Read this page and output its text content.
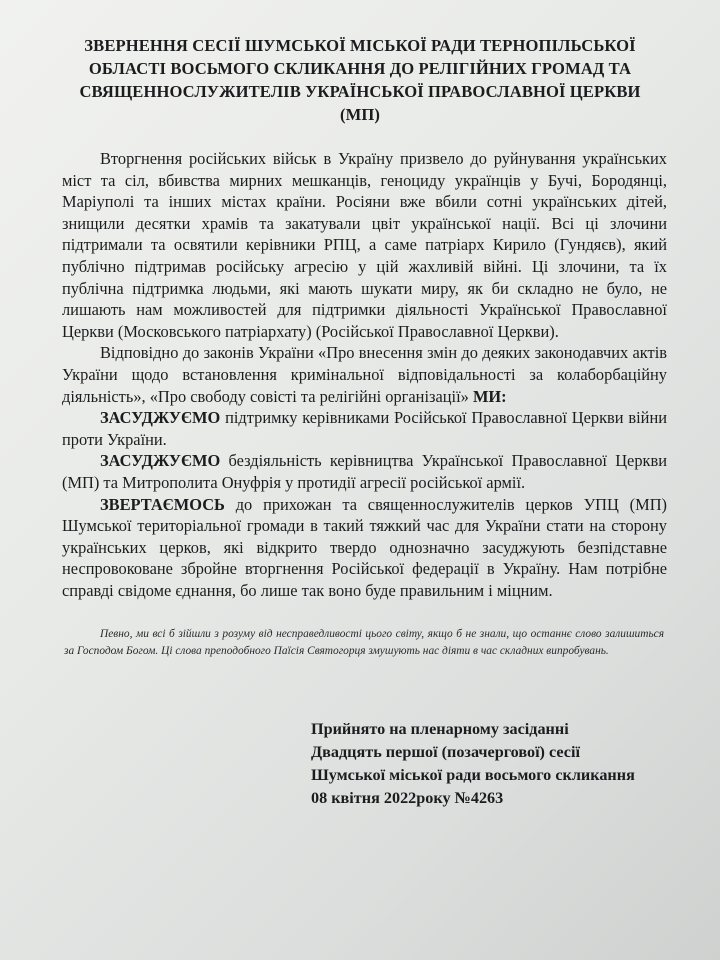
ЗВЕРНЕННЯ СЕСІЇ ШУМСЬКОЇ МІСЬКОЇ РАДИ ТЕРНОПІЛЬСЬКОЇ
ОБЛАСТІ ВОСЬМОГО СКЛИКАННЯ ДО РЕЛІГІЙНИХ ГРОМАД ТА
СВЯЩЕННОСЛУЖИТЕЛІВ УКРАЇНСЬКОЇ ПРАВОСЛАВНОЇ ЦЕРКВИ
(МП)

Вторгнення російських військ в Україну призвело до руйнування українських міст та сіл, вбивства мирних мешканців, геноциду українців у Бучі, Бородянці, Маріуполі та інших містах країни. Росіяни вже вбили сотні українських дітей, знищили десятки храмів та закатували цвіт української нації. Всі ці злочини підтримали та освятили керівники РПЦ, а саме патріарх Кирило (Гундяєв), який публічно підтримав російську агресію у цій жахливій війні. Ці злочини, та їх публічна підтримка людьми, які мають шукати миру, як би складно не було, не лишають нам можливостей для підтримки діяльності Української Православної Церкви (Московського патріархату) (Російської Православної Церкви).

Відповідно до законів України «Про внесення змін до деяких законодавчих актів України щодо встановлення кримінальної відповідальності за колаборбаційну діяльність», «Про свободу совісті та релігійні організації» МИ:

ЗАСУДЖУЄМО підтримку керівниками Російської Православної Церкви війни проти України.

ЗАСУДЖУЄМО бездіяльність керівництва Української Православної Церкви (МП) та Митрополита Онуфрія у протидії агресії російської армії.

ЗВЕРТАЄМОСЬ до прихожан та священнослужителів церков УПЦ (МП) Шумської територіальної громади в такий тяжкий час для України стати на сторону українських церков, які відкрито твердо однозначно засуджують безпідставне неспровоковане збройне вторгнення Російської федерації в Україну. Нам потрібне справді свідоме єднання, бо лише так воно буде правильним і міцним.

Певно, ми всі б зійшли з розуму від несправедливості цього світу, якщо б не знали, що останнє слово залишиться за Господом Богом. Ці слова преподобного Паїсія Святогорця змушують нас діяти в час складних випробувань.
Прийнято на пленарному засіданні
Двадцять першої (позачергової) сесії
Шумської міської ради восьмого скликання
08 квітня 2022року №4263
